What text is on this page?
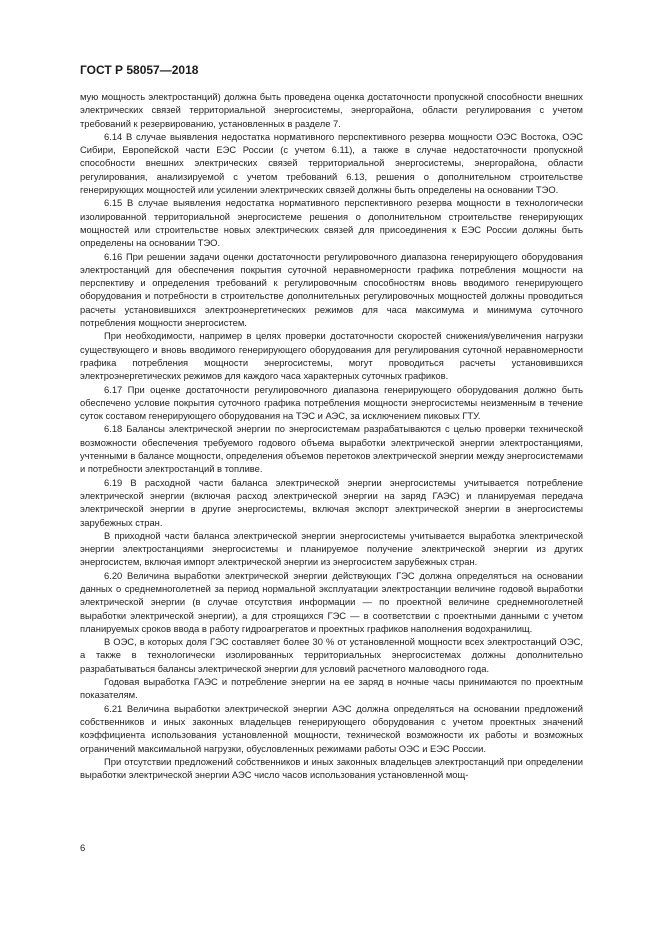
ГОСТ Р 58057—2018

мую мощность электростанций) должна быть проведена оценка достаточности пропускной способности внешних электрических связей территориальной энергосистемы, энергорайона, области регулирования с учетом требований к резервированию, установленных в разделе 7.

6.14 В случае выявления недостатка нормативного перспективного резерва мощности ОЭС Востока, ОЭС Сибири, Европейской части ЕЭС России (с учетом 6.11), а также в случае недостаточности пропускной способности внешних электрических связей территориальной энергосистемы, энергорайона, области регулирования, анализируемой с учетом требований 6.13, решения о дополнительном строительстве генерирующих мощностей или усилении электрических связей должны быть определены на основании ТЭО.

6.15 В случае выявления недостатка нормативного перспективного резерва мощности в технологически изолированной территориальной энергосистеме решения о дополнительном строительстве генерирующих мощностей или строительстве новых электрических связей для присоединения к ЕЭС России должны быть определены на основании ТЭО.

6.16 При решении задачи оценки достаточности регулировочного диапазона генерирующего оборудования электростанций для обеспечения покрытия суточной неравномерности графика потребления мощности на перспективу и определения требований к регулировочным способностям вновь вводимого генерирующего оборудования и потребности в строительстве дополнительных регулировочных мощностей должны проводиться расчеты установившихся электроэнергетических режимов для часа максимума и минимума суточного потребления мощности энергосистем.

При необходимости, например в целях проверки достаточности скоростей снижения/увеличения нагрузки существующего и вновь вводимого генерирующего оборудования для регулирования суточной неравномерности графика потребления мощности энергосистемы, могут проводиться расчеты установившихся электроэнергетических режимов для каждого часа характерных суточных графиков.

6.17 При оценке достаточности регулировочного диапазона генерирующего оборудования должно быть обеспечено условие покрытия суточного графика потребления мощности энергосистемы неизменным в течение суток составом генерирующего оборудования на ТЭС и АЭС, за исключением пиковых ГТУ.

6.18 Балансы электрической энергии по энергосистемам разрабатываются с целью проверки технической возможности обеспечения требуемого годового объема выработки электрической энергии электростанциями, учтенными в балансе мощности, определения объемов перетоков электрической энергии между энергосистемами и потребности электростанций в топливе.

6.19 В расходной части баланса электрической энергии энергосистемы учитывается потребление электрической энергии (включая расход электрической энергии на заряд ГАЭС) и планируемая передача электрической энергии в другие энергосистемы, включая экспорт электрической энергии в энергосистемы зарубежных стран.

В приходной части баланса электрической энергии энергосистемы учитывается выработка электрической энергии электростанциями энергосистемы и планируемое получение электрической энергии из других энергосистем, включая импорт электрической энергии из энергосистем зарубежных стран.

6.20 Величина выработки электрической энергии действующих ГЭС должна определяться на основании данных о среднемноголетней за период нормальной эксплуатации электростанции величине годовой выработки электрической энергии (в случае отсутствия информации — по проектной величине среднемноголетней выработки электрической энергии), а для строящихся ГЭС — в соответствии с проектными данными с учетом планируемых сроков ввода в работу гидроагрегатов и проектных графиков наполнения водохранилищ.

В ОЭС, в которых доля ГЭС составляет более 30 % от установленной мощности всех электростанций ОЭС, а также в технологически изолированных территориальных энергосистемах должны дополнительно разрабатываться балансы электрической энергии для условий расчетного маловодного года.

Годовая выработка ГАЭС и потребление энергии на ее заряд в ночные часы принимаются по проектным показателям.

6.21 Величина выработки электрической энергии АЭС должна определяться на основании предложений собственников и иных законных владельцев генерирующего оборудования с учетом проектных значений коэффициента использования установленной мощности, технической возможности их работы и возможных ограничений максимальной нагрузки, обусловленных режимами работы ОЭС и ЕЭС России.

При отсутствии предложений собственников и иных законных владельцев электростанций при определении выработки электрической энергии АЭС число часов использования установленной мощ-

6
